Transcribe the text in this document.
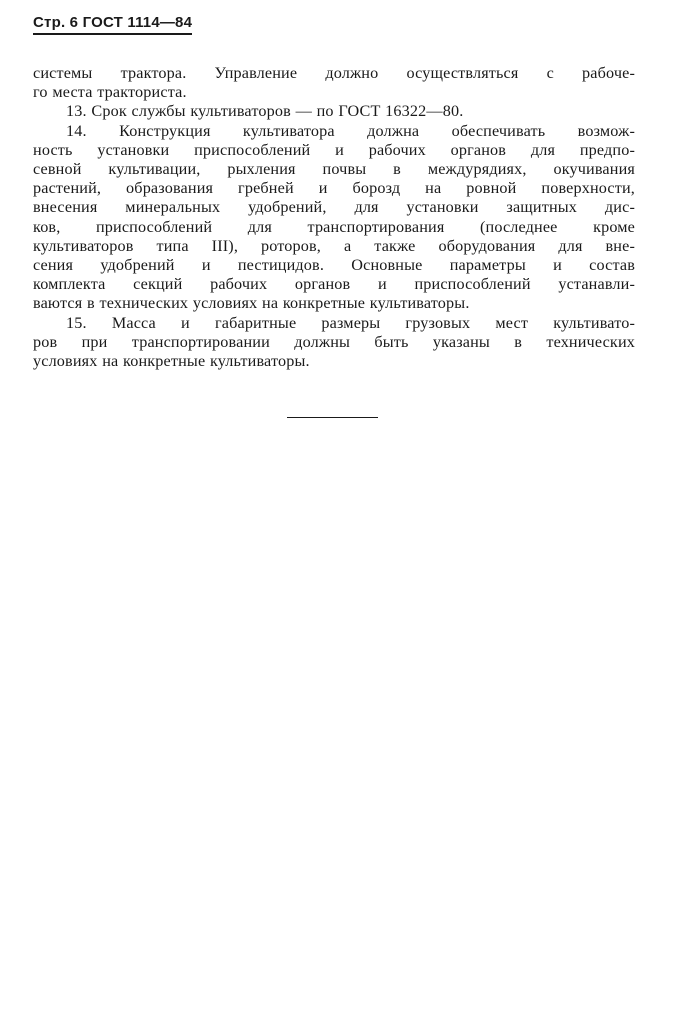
Стр. 6 ГОСТ 1114—84
системы трактора. Управление должно осуществляться с рабоче-
го места тракториста.
13. Срок службы культиваторов — по ГОСТ 16322—80.
14. Конструкция культиватора должна обеспечивать возмож-
ность установки приспособлений и рабочих органов для предпо-
севной культивации, рыхления почвы в междурядиях, окучивания
растений, образования гребней и борозд на ровной поверхности,
внесения минеральных удобрений, для установки защитных дис-
ков, приспособлений для транспортирования (последнее кроме
культиваторов типа III), роторов, а также оборудования для вне-
сения удобрений и пестицидов. Основные параметры и состав
комплекта секций рабочих органов и приспособлений устанавли-
ваются в технических условиях на конкретные культиваторы.
15. Масса и габаритные размеры грузовых мест культивато-
ров при транспортировании должны быть указаны в технических
условиях на конкретные культиваторы.
